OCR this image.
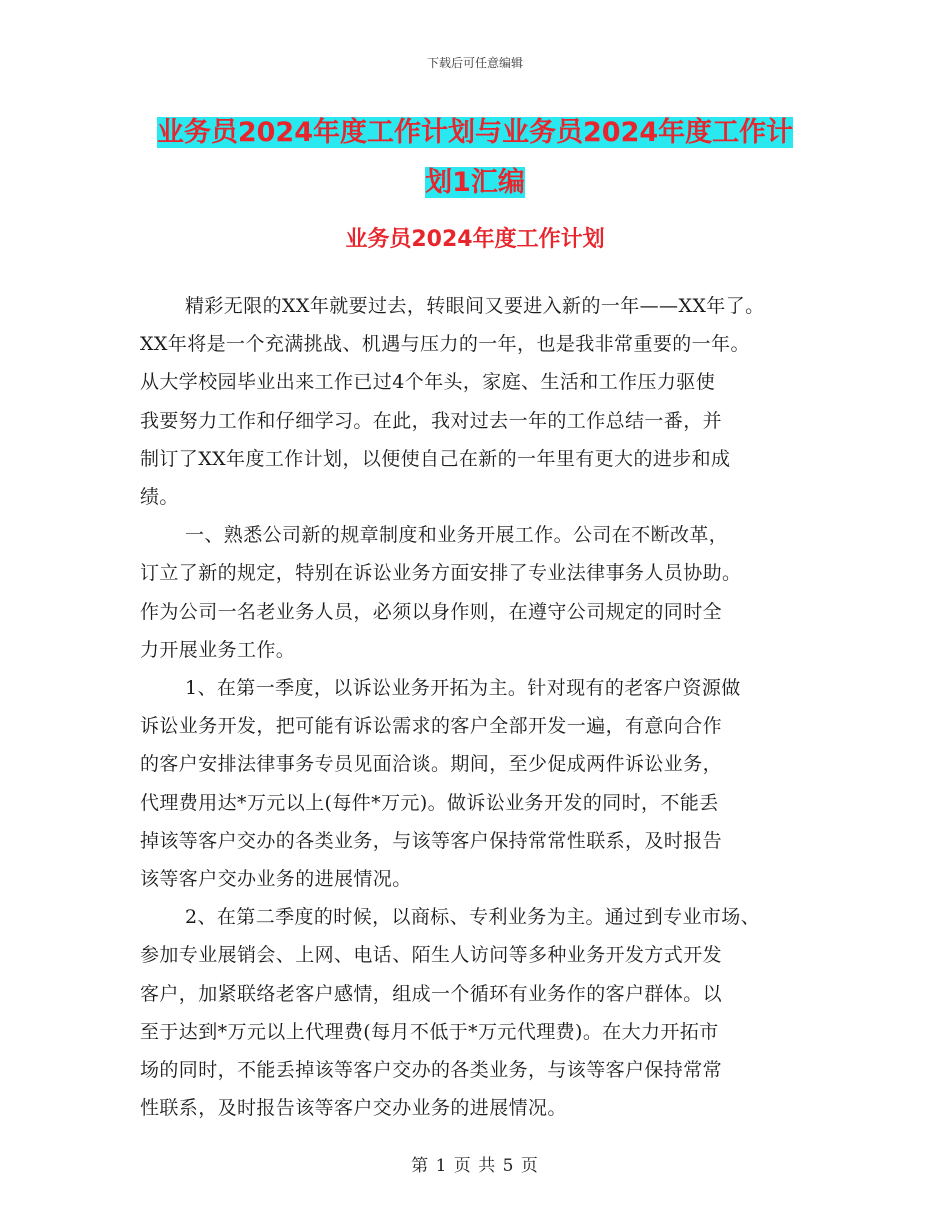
下载后可任意编辑
业务员2024年度工作计划与业务员2024年度工作计
划1汇编
业务员2024年度工作计划

精彩无限的XX年就要过去，转眼间又要进入新的一年——XX年了。
XX年将是一个充满挑战、机遇与压力的一年，也是我非常重要的一年。
从大学校园毕业出来工作已过4个年头，家庭、生活和工作压力驱使
我要努力工作和仔细学习。在此，我对过去一年的工作总结一番，并
制订了XX年度工作计划，以便使自己在新的一年里有更大的进步和成
绩。

一、熟悉公司新的规章制度和业务开展工作。公司在不断改革，
订立了新的规定，特别在诉讼业务方面安排了专业法律事务人员协助。
作为公司一名老业务人员，必须以身作则，在遵守公司规定的同时全
力开展业务工作。

1、在第一季度，以诉讼业务开拓为主。针对现有的老客户资源做
诉讼业务开发，把可能有诉讼需求的客户全部开发一遍，有意向合作
的客户安排法律事务专员见面洽谈。期间，至少促成两件诉讼业务，
代理费用达*万元以上(每件*万元)。做诉讼业务开发的同时，不能丢
掉该等客户交办的各类业务，与该等客户保持常常性联系，及时报告
该等客户交办业务的进展情况。

2、在第二季度的时候，以商标、专利业务为主。通过到专业市场、
参加专业展销会、上网、电话、陌生人访问等多种业务开发方式开发
客户，加紧联络老客户感情，组成一个循环有业务作的客户群体。以
至于达到*万元以上代理费(每月不低于*万元代理费)。在大力开拓市
场的同时，不能丢掉该等客户交办的各类业务，与该等客户保持常常
性联系，及时报告该等客户交办业务的进展情况。

第 1 页 共 5 页
